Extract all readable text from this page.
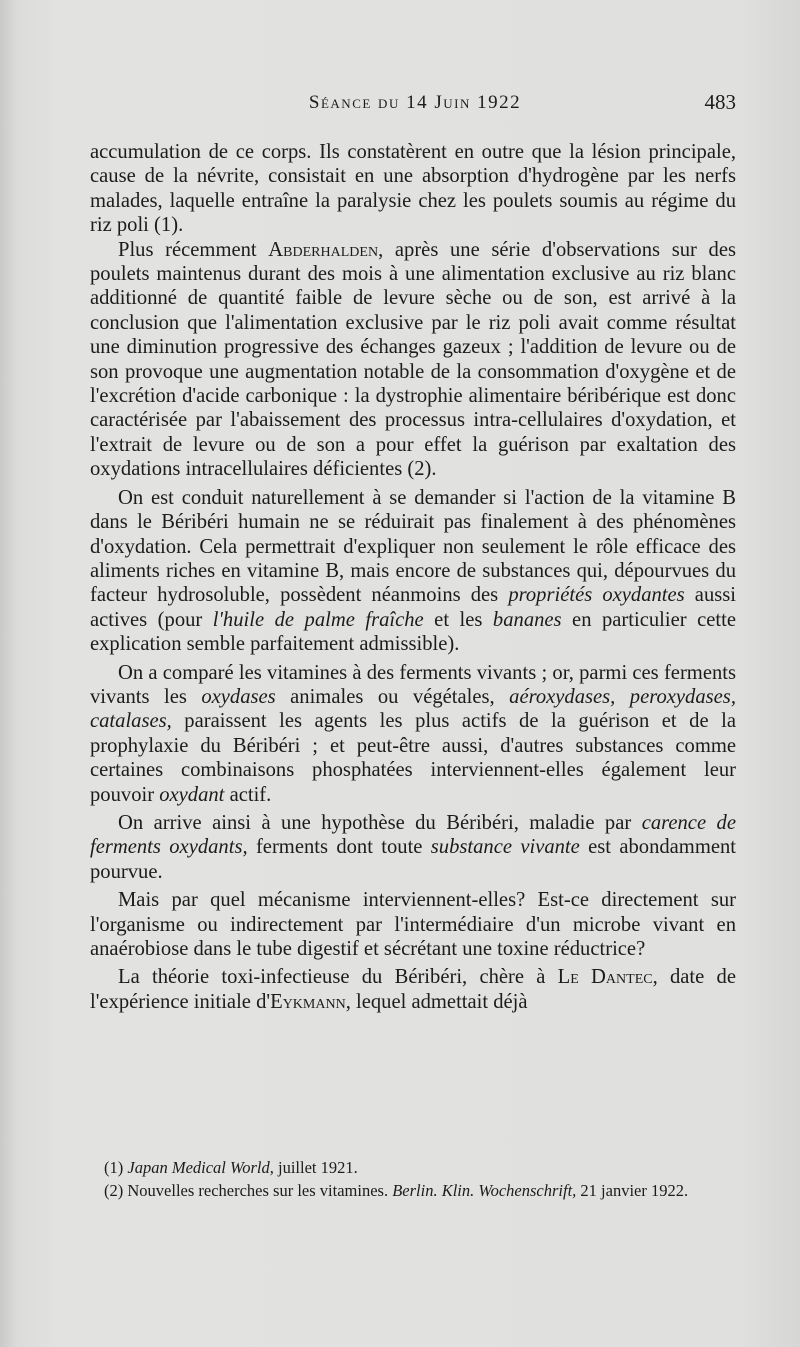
Séance du 14 Juin 1922	483

accumulation de ce corps. Ils constatèrent en outre que la lésion principale, cause de la névrite, consistait en une absorption d'hydrogène par les nerfs malades, laquelle entraîne la paralysie chez les poulets soumis au régime du riz poli (1).

Plus récemment Abderhalden, après une série d'observations sur des poulets maintenus durant des mois à une alimentation exclusive au riz blanc additionné de quantité faible de levure sèche ou de son, est arrivé à la conclusion que l'alimentation exclusive par le riz poli avait comme résultat une diminution progressive des échanges gazeux ; l'addition de levure ou de son provoque une augmentation notable de la consommation d'oxygène et de l'excrétion d'acide carbonique : la dystrophie alimentaire béribérique est donc caractérisée par l'abaissement des processus intra-cellulaires d'oxydation, et l'extrait de levure ou de son a pour effet la guérison par exaltation des oxydations intracellulaires déficientes (2).

On est conduit naturellement à se demander si l'action de la vitamine B dans le Béribéri humain ne se réduirait pas finalement à des phénomènes d'oxydation. Cela permettrait d'expliquer non seulement le rôle efficace des aliments riches en vitamine B, mais encore de substances qui, dépourvues du facteur hydrosoluble, possèdent néanmoins des propriétés oxydantes aussi actives (pour l'huile de palme fraîche et les bananes en particulier cette explication semble parfaitement admissible).

On a comparé les vitamines à des ferments vivants ; or, parmi ces ferments vivants les oxydases animales ou végétales, aéroxydases, peroxydases, catalases, paraissent les agents les plus actifs de la guérison et de la prophylaxie du Béribéri ; et peut-être aussi, d'autres substances comme certaines combinaisons phosphatées interviennent-elles également leur pouvoir oxydant actif.

On arrive ainsi à une hypothèse du Béribéri, maladie par carence de ferments oxydants, ferments dont toute substance vivante est abondamment pourvue.

Mais par quel mécanisme interviennent-elles? Est-ce directement sur l'organisme ou indirectement par l'intermédiaire d'un microbe vivant en anaérobiose dans le tube digestif et sécrétant une toxine réductrice?

La théorie toxi-infectieuse du Béribéri, chère à Le Dantec, date de l'expérience initiale d'Eykmann, lequel admettait déjà

(1) Japan Medical World, juillet 1921.

(2) Nouvelles recherches sur les vitamines. Berlin. Klin. Wochenschrift, 21 janvier 1922.
